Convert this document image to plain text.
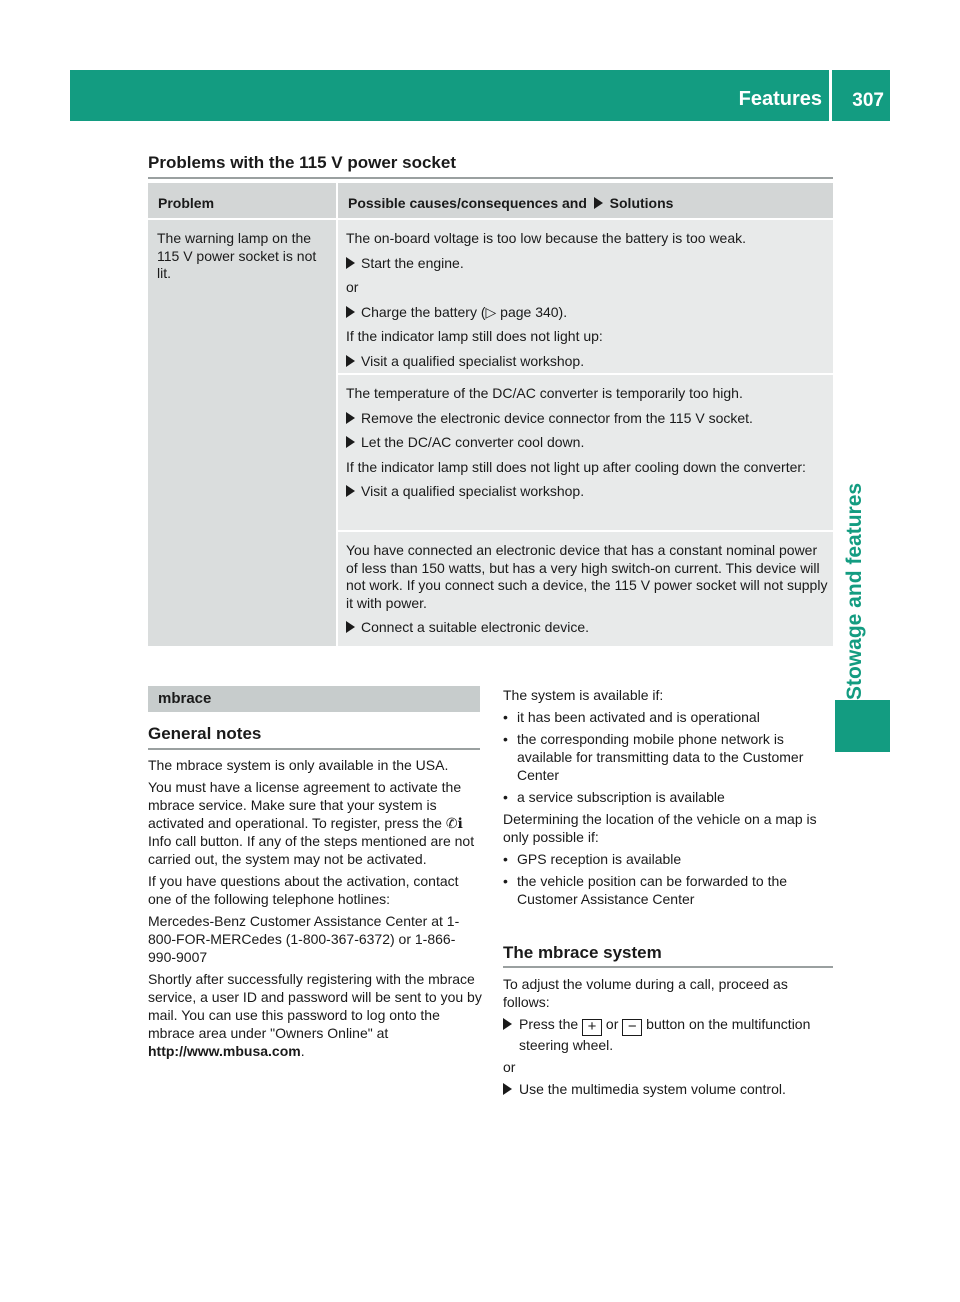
Features 307
Stowage and features
Problems with the 115 V power socket
Problem	Possible causes/consequences and Solutions
The warning lamp on the 115 V power socket is not lit.
The on-board voltage is too low because the battery is too weak.
Start the engine.
or
Charge the battery (▷ page 340).
If the indicator lamp still does not light up:
Visit a qualified specialist workshop.
The temperature of the DC/AC converter is temporarily too high.
Remove the electronic device connector from the 115 V socket.
Let the DC/AC converter cool down.
If the indicator lamp still does not light up after cooling down the converter:
Visit a qualified specialist workshop.
You have connected an electronic device that has a constant nominal power of less than 150 watts, but has a very high switch-on current. This device will not work. If you connect such a device, the 115 V power socket will not supply it with power.
Connect a suitable electronic device.
mbrace
General notes
The mbrace system is only available in the USA.
You must have a license agreement to activate the mbrace service. Make sure that your system is activated and operational. To register, press the ✆ℹ Info call button. If any of the steps mentioned are not carried out, the system may not be activated.
If you have questions about the activation, contact one of the following telephone hotlines:
Mercedes-Benz Customer Assistance Center at 1-800-FOR-MERCedes (1-800-367-6372) or 1-866-990-9007
Shortly after successfully registering with the mbrace service, a user ID and password will be sent to you by mail. You can use this password to log onto the mbrace area under "Owners Online" at http://www.mbusa.com.
The system is available if:
• it has been activated and is operational
• the corresponding mobile phone network is available for transmitting data to the Customer Center
• a service subscription is available
Determining the location of the vehicle on a map is only possible if:
• GPS reception is available
• the vehicle position can be forwarded to the Customer Assistance Center
The mbrace system
To adjust the volume during a call, proceed as follows:
Press the + or − button on the multifunction steering wheel.
or
Use the multimedia system volume control.
